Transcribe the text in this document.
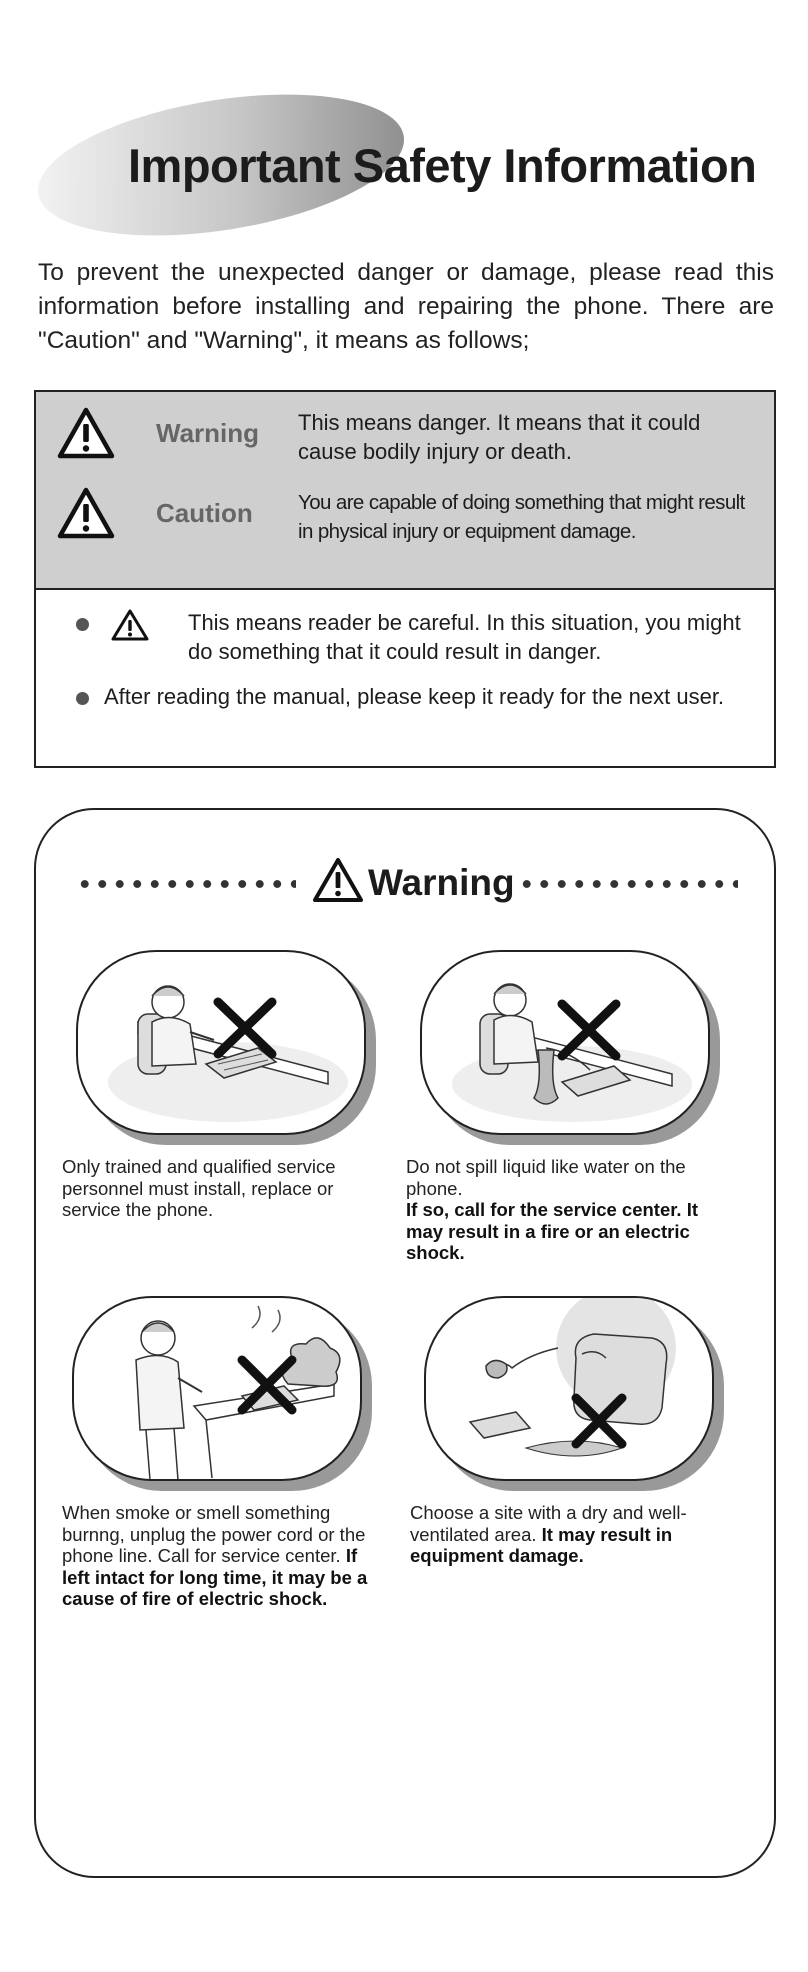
Important Safety Information

To prevent the unexpected danger or damage, please read this information before installing and repairing the phone. There are "Caution" and "Warning", it means as follows;

Warning This means danger. It means that it could cause bodily injury or death.
Caution You are capable of doing something that might result in physical injury or equipment damage.
This means reader be careful. In this situation, you might do something that it could result in danger.
After reading the manual, please keep it ready for the next user.
Warning

Only trained and qualified service personnel must install, replace or service the phone.

Do not spill liquid like water on the phone.
If so, call for the service center. It may result in a fire or an electric shock.

When smoke or smell something burnng, unplug the power cord or the phone line. Call for service center. If left intact for long time, it may be a cause of fire of electric shock.

Choose a site with a dry and well-ventilated area. It may result in equipment damage.
